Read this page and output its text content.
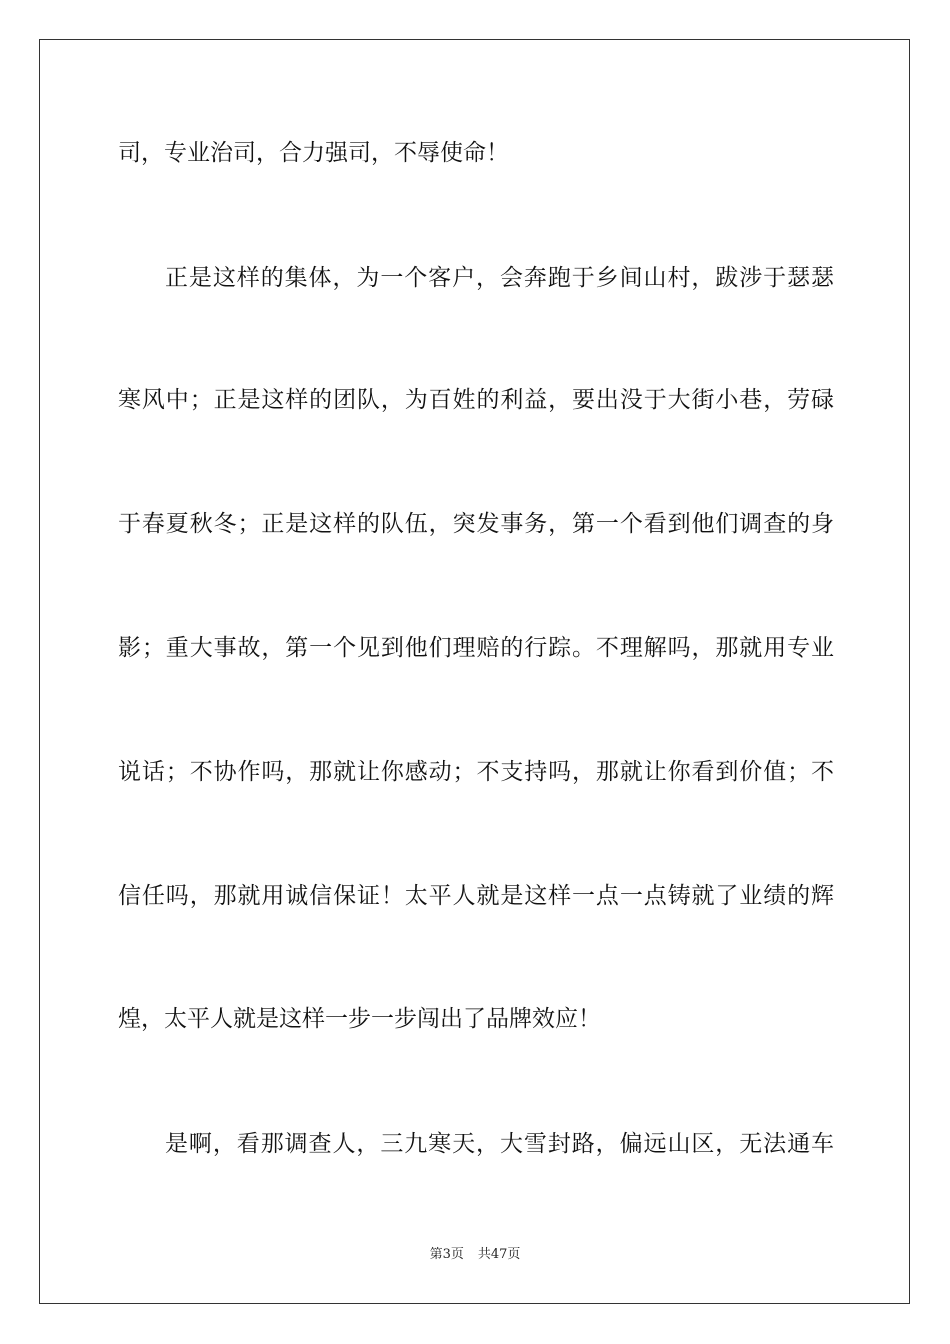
司，专业治司，合力强司，不辱使命！
正是这样的集体，为一个客户，会奔跑于乡间山村，跋涉于瑟瑟
寒风中；正是这样的团队，为百姓的利益，要出没于大街小巷，劳碌
于春夏秋冬；正是这样的队伍，突发事务，第一个看到他们调查的身
影；重大事故，第一个见到他们理赔的行踪。不理解吗，那就用专业
说话；不协作吗，那就让你感动；不支持吗，那就让你看到价值；不
信任吗，那就用诚信保证！太平人就是这样一点一点铸就了业绩的辉
煌，太平人就是这样一步一步闯出了品牌效应！
是啊，看那调查人，三九寒天，大雪封路，偏远山区，无法通车
第3页 共47页
